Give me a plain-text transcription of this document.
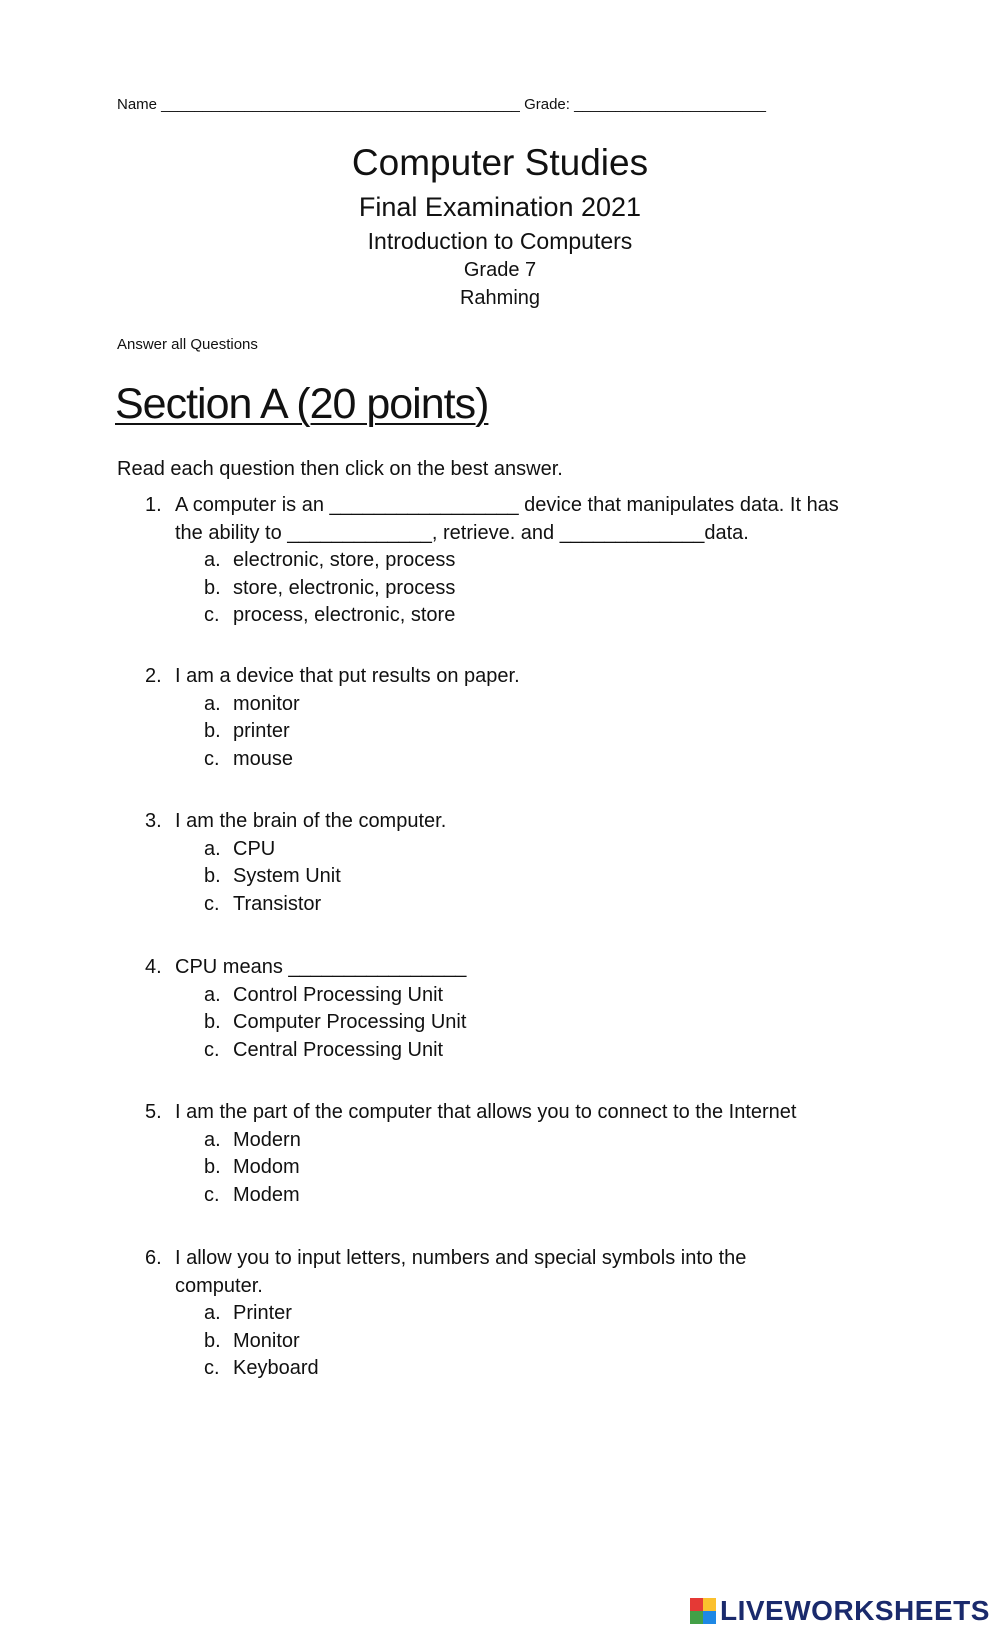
Name ___________________________________________ Grade: _______________________
Computer Studies
Final Examination 2021
Introduction to Computers
Grade 7
Rahming
Answer all Questions
Section A (20 points)
Read each question then click on the best answer.
1. A computer is an _________________ device that manipulates data. It has
the ability to _____________, retrieve. and _____________data.
a. electronic, store, process
b. store, electronic, process
c. process, electronic, store
2. I am a device that put results on paper.
a. monitor
b. printer
c. mouse
3. I am the brain of the computer.
a. CPU
b. System Unit
c. Transistor
4. CPU means ________________
a. Control Processing Unit
b. Computer Processing Unit
c. Central Processing Unit
5. I am the part of the computer that allows you to connect to the Internet
a. Modern
b. Modom
c. Modem
6. I allow you to input letters, numbers and special symbols into the
computer.
a. Printer
b. Monitor
c. Keyboard
LIVEWORKSHEETS
